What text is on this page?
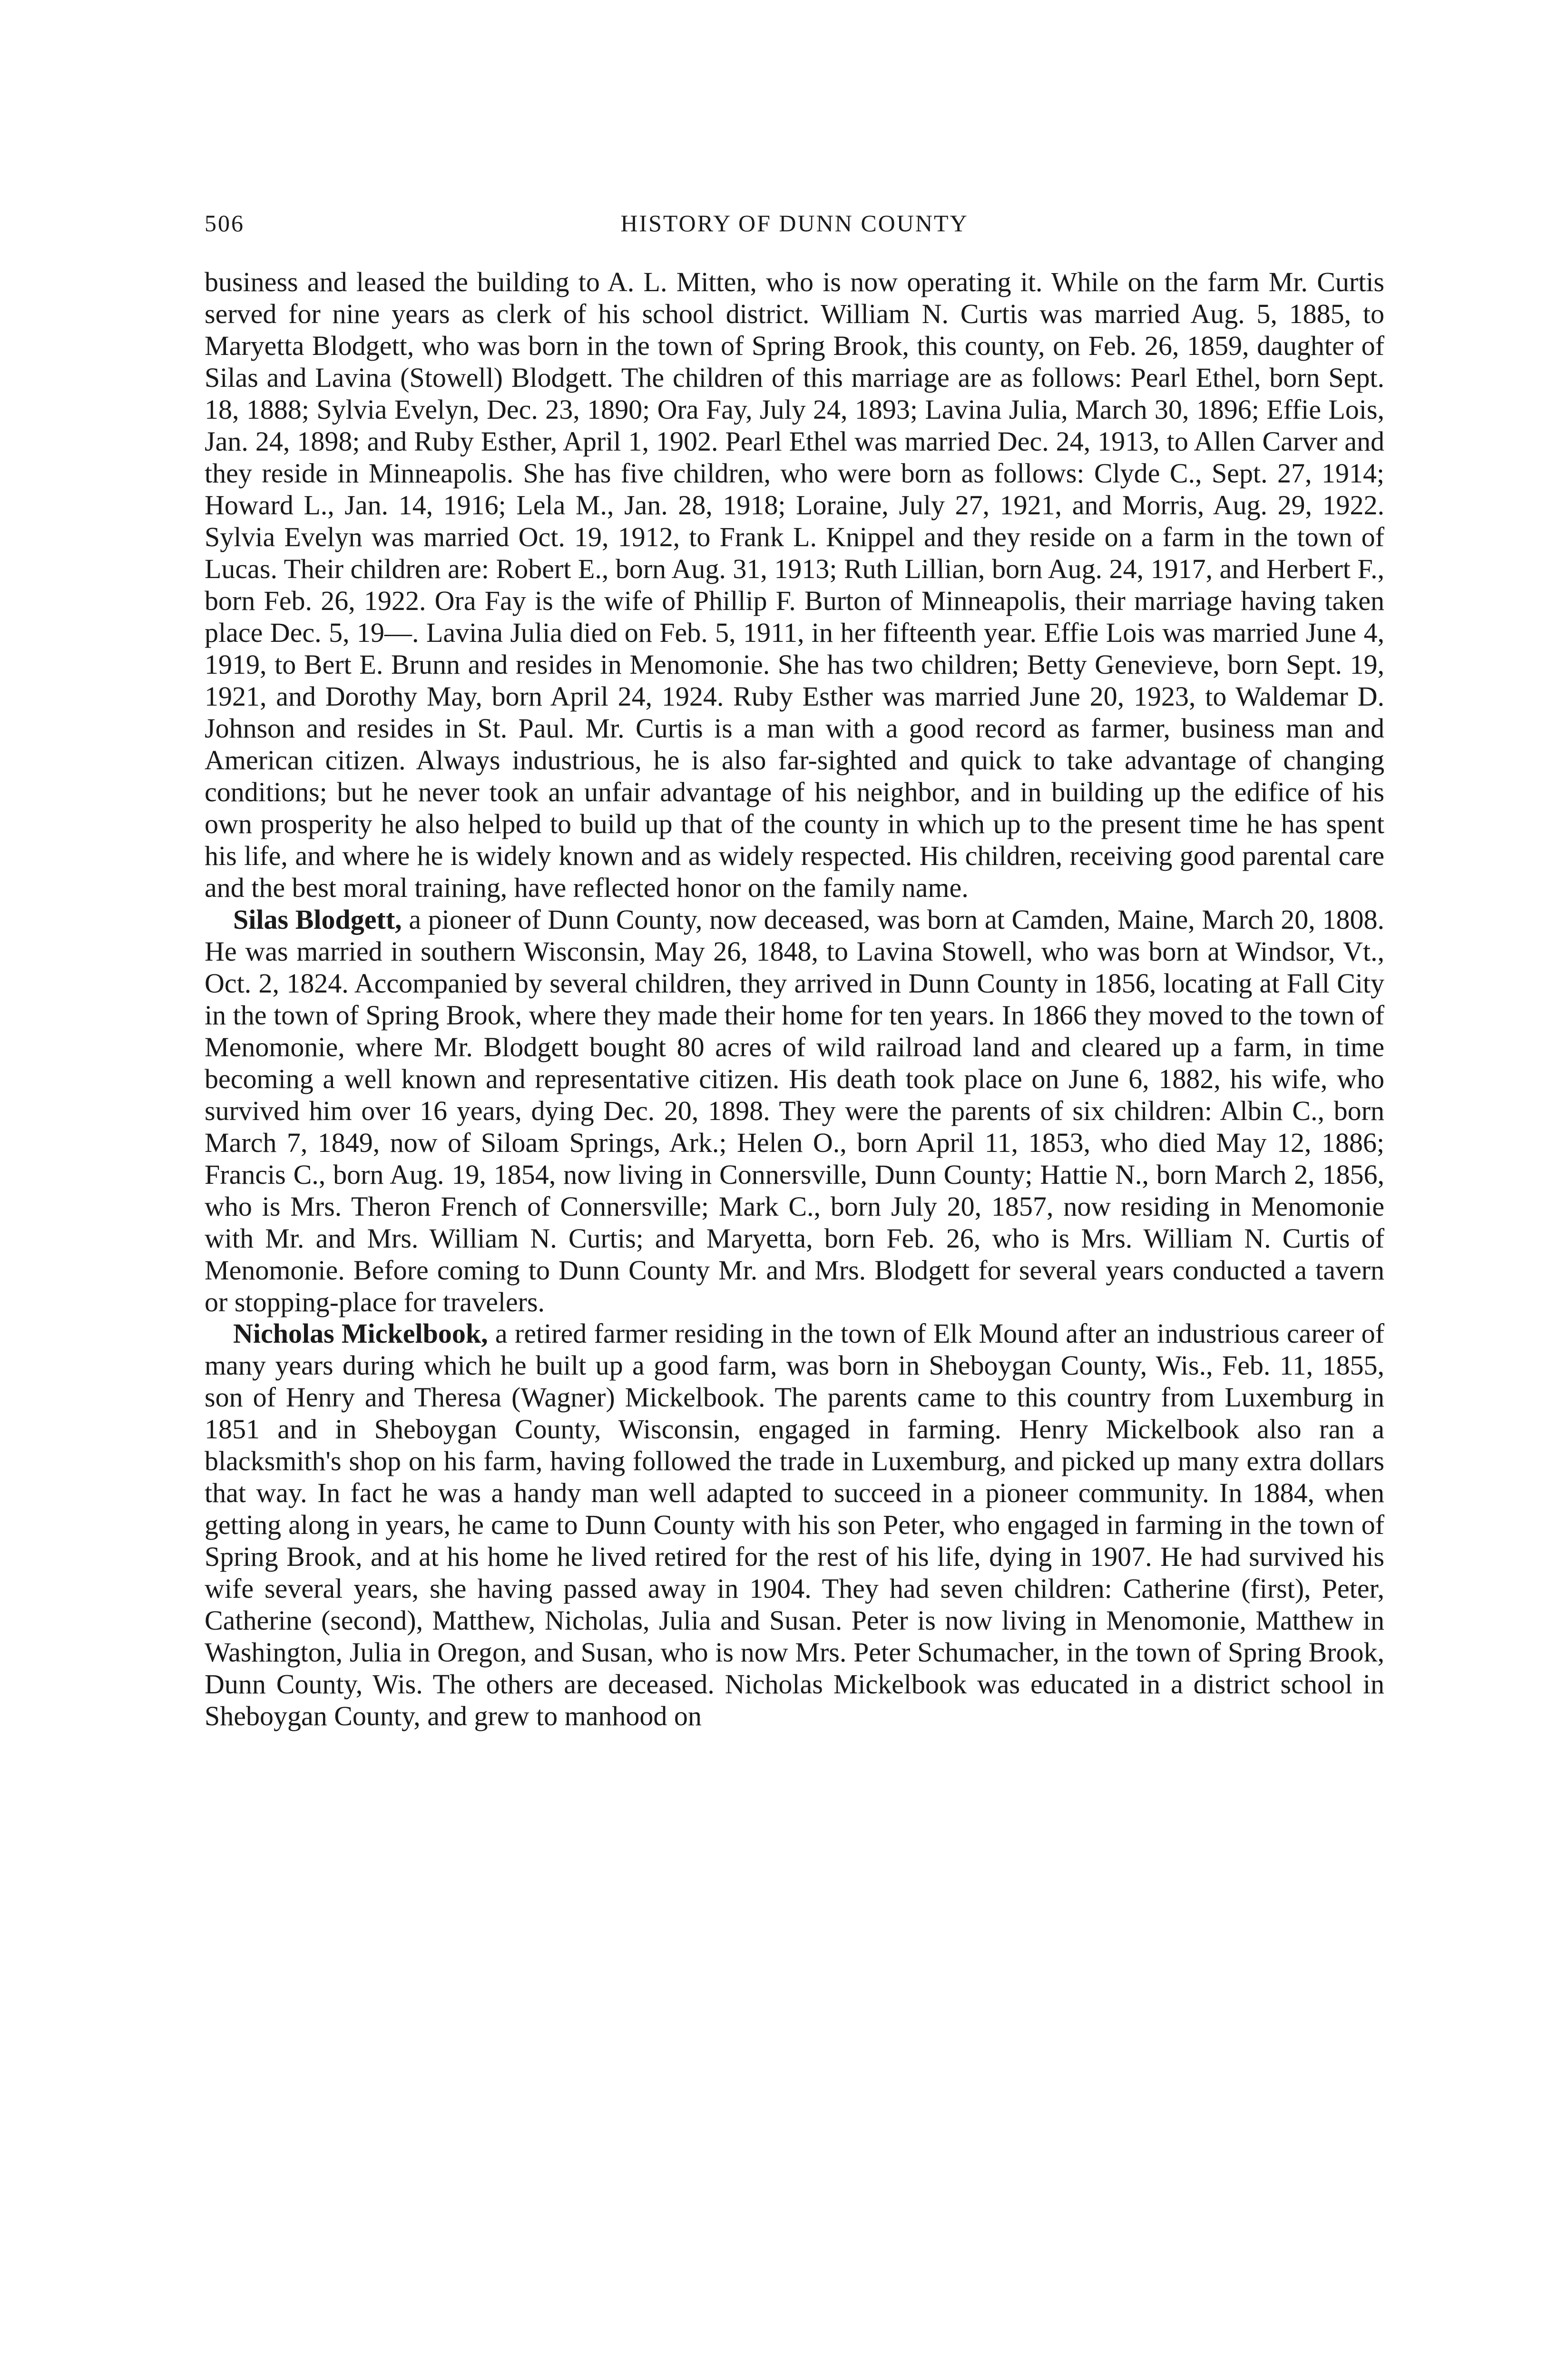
506	HISTORY OF DUNN COUNTY

business and leased the building to A. L. Mitten, who is now operating it. While on the farm Mr. Curtis served for nine years as clerk of his school district. William N. Curtis was married Aug. 5, 1885, to Maryetta Blodgett, who was born in the town of Spring Brook, this county, on Feb. 26, 1859, daughter of Silas and Lavina (Stowell) Blodgett. The children of this marriage are as follows: Pearl Ethel, born Sept. 18, 1888; Sylvia Evelyn, Dec. 23, 1890; Ora Fay, July 24, 1893; Lavina Julia, March 30, 1896; Effie Lois, Jan. 24, 1898; and Ruby Esther, April 1, 1902. Pearl Ethel was married Dec. 24, 1913, to Allen Carver and they reside in Minneapolis. She has five children, who were born as follows: Clyde C., Sept. 27, 1914; Howard L., Jan. 14, 1916; Lela M., Jan. 28, 1918; Loraine, July 27, 1921, and Morris, Aug. 29, 1922. Sylvia Evelyn was married Oct. 19, 1912, to Frank L. Knippel and they reside on a farm in the town of Lucas. Their children are: Robert E., born Aug. 31, 1913; Ruth Lillian, born Aug. 24, 1917, and Herbert F., born Feb. 26, 1922. Ora Fay is the wife of Phillip F. Burton of Minneapolis, their marriage having taken place Dec. 5, 19—. Lavina Julia died on Feb. 5, 1911, in her fifteenth year. Effie Lois was married June 4, 1919, to Bert E. Brunn and resides in Menomonie. She has two children; Betty Genevieve, born Sept. 19, 1921, and Dorothy May, born April 24, 1924. Ruby Esther was married June 20, 1923, to Waldemar D. Johnson and resides in St. Paul. Mr. Curtis is a man with a good record as farmer, business man and American citizen. Always industrious, he is also far-sighted and quick to take advantage of changing conditions; but he never took an unfair advantage of his neighbor, and in building up the edifice of his own prosperity he also helped to build up that of the county in which up to the present time he has spent his life, and where he is widely known and as widely respected. His children, receiving good parental care and the best moral training, have reflected honor on the family name.

Silas Blodgett, a pioneer of Dunn County, now deceased, was born at Camden, Maine, March 20, 1808. He was married in southern Wisconsin, May 26, 1848, to Lavina Stowell, who was born at Windsor, Vt., Oct. 2, 1824. Accompanied by several children, they arrived in Dunn County in 1856, locating at Fall City in the town of Spring Brook, where they made their home for ten years. In 1866 they moved to the town of Menomonie, where Mr. Blodgett bought 80 acres of wild railroad land and cleared up a farm, in time becoming a well known and representative citizen. His death took place on June 6, 1882, his wife, who survived him over 16 years, dying Dec. 20, 1898. They were the parents of six children: Albin C., born March 7, 1849, now of Siloam Springs, Ark.; Helen O., born April 11, 1853, who died May 12, 1886; Francis C., born Aug. 19, 1854, now living in Connersville, Dunn County; Hattie N., born March 2, 1856, who is Mrs. Theron French of Connersville; Mark C., born July 20, 1857, now residing in Menomonie with Mr. and Mrs. William N. Curtis; and Maryetta, born Feb. 26, who is Mrs. William N. Curtis of Menomonie. Before coming to Dunn County Mr. and Mrs. Blodgett for several years conducted a tavern or stopping-place for travelers.

Nicholas Mickelbook, a retired farmer residing in the town of Elk Mound after an industrious career of many years during which he built up a good farm, was born in Sheboygan County, Wis., Feb. 11, 1855, son of Henry and Theresa (Wagner) Mickelbook. The parents came to this country from Luxemburg in 1851 and in Sheboygan County, Wisconsin, engaged in farming. Henry Mickelbook also ran a blacksmith's shop on his farm, having followed the trade in Luxemburg, and picked up many extra dollars that way. In fact he was a handy man well adapted to succeed in a pioneer community. In 1884, when getting along in years, he came to Dunn County with his son Peter, who engaged in farming in the town of Spring Brook, and at his home he lived retired for the rest of his life, dying in 1907. He had survived his wife several years, she having passed away in 1904. They had seven children: Catherine (first), Peter, Catherine (second), Matthew, Nicholas, Julia and Susan. Peter is now living in Menomonie, Matthew in Washington, Julia in Oregon, and Susan, who is now Mrs. Peter Schumacher, in the town of Spring Brook, Dunn County, Wis. The others are deceased. Nicholas Mickelbook was educated in a district school in Sheboygan County, and grew to manhood on
